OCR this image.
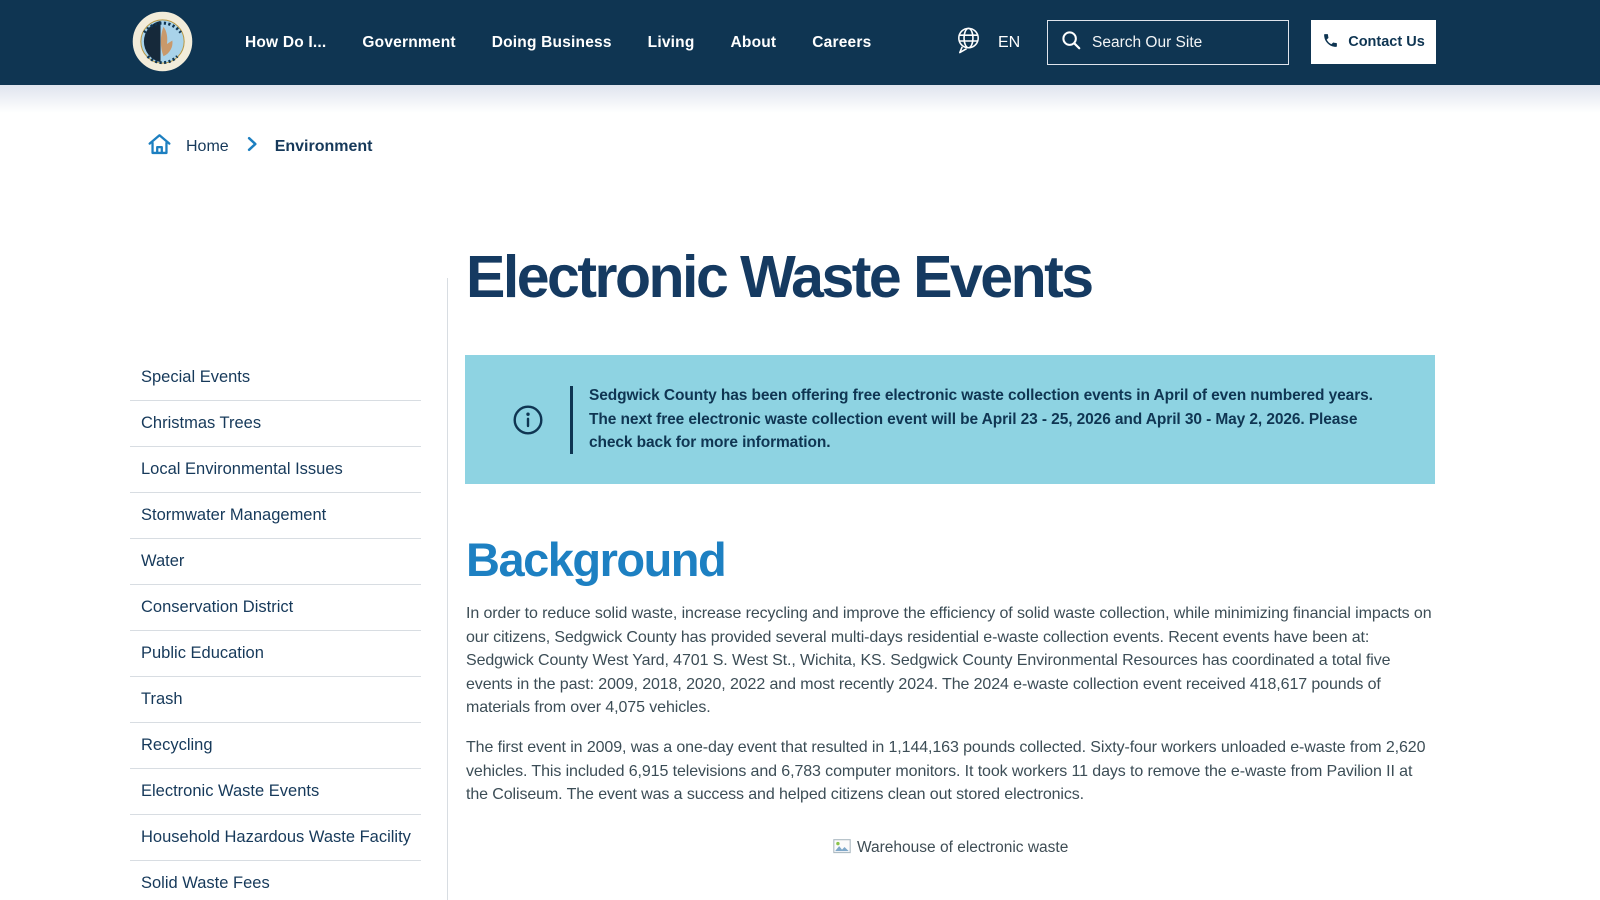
How Do I... Government Doing Business Living About Careers	EN
Search Our Site	Contact Us
Home	Environment
Special Events
Christmas Trees
Local Environmental Issues
Stormwater Management
Water
Conservation District
Public Education
Trash
Recycling
Electronic Waste Events
Household Hazardous Waste Facility
Solid Waste Fees
Electronic Waste Events

Sedgwick County has been offering free electronic waste collection events in April of even numbered years. The next free electronic waste collection event will be April 23 - 25, 2026 and April 30 - May 2, 2026. Please check back for more information.

Background

In order to reduce solid waste, increase recycling and improve the efficiency of solid waste collection, while minimizing financial impacts on our citizens, Sedgwick County has provided several multi-days residential e-waste collection events. Recent events have been at: Sedgwick County West Yard, 4701 S. West St., Wichita, KS. Sedgwick County Environmental Resources has coordinated a total five events in the past: 2009, 2018, 2020, 2022 and most recently 2024. The 2024 e-waste collection event received 418,617 pounds of materials from over 4,075 vehicles.

The first event in 2009, was a one-day event that resulted in 1,144,163 pounds collected. Sixty-four workers unloaded e-waste from 2,620 vehicles. This included 6,915 televisions and 6,783 computer monitors. It took workers 11 days to remove the e-waste from Pavilion II at the Coliseum. The event was a success and helped citizens clean out stored electronics.

Warehouse of electronic waste
